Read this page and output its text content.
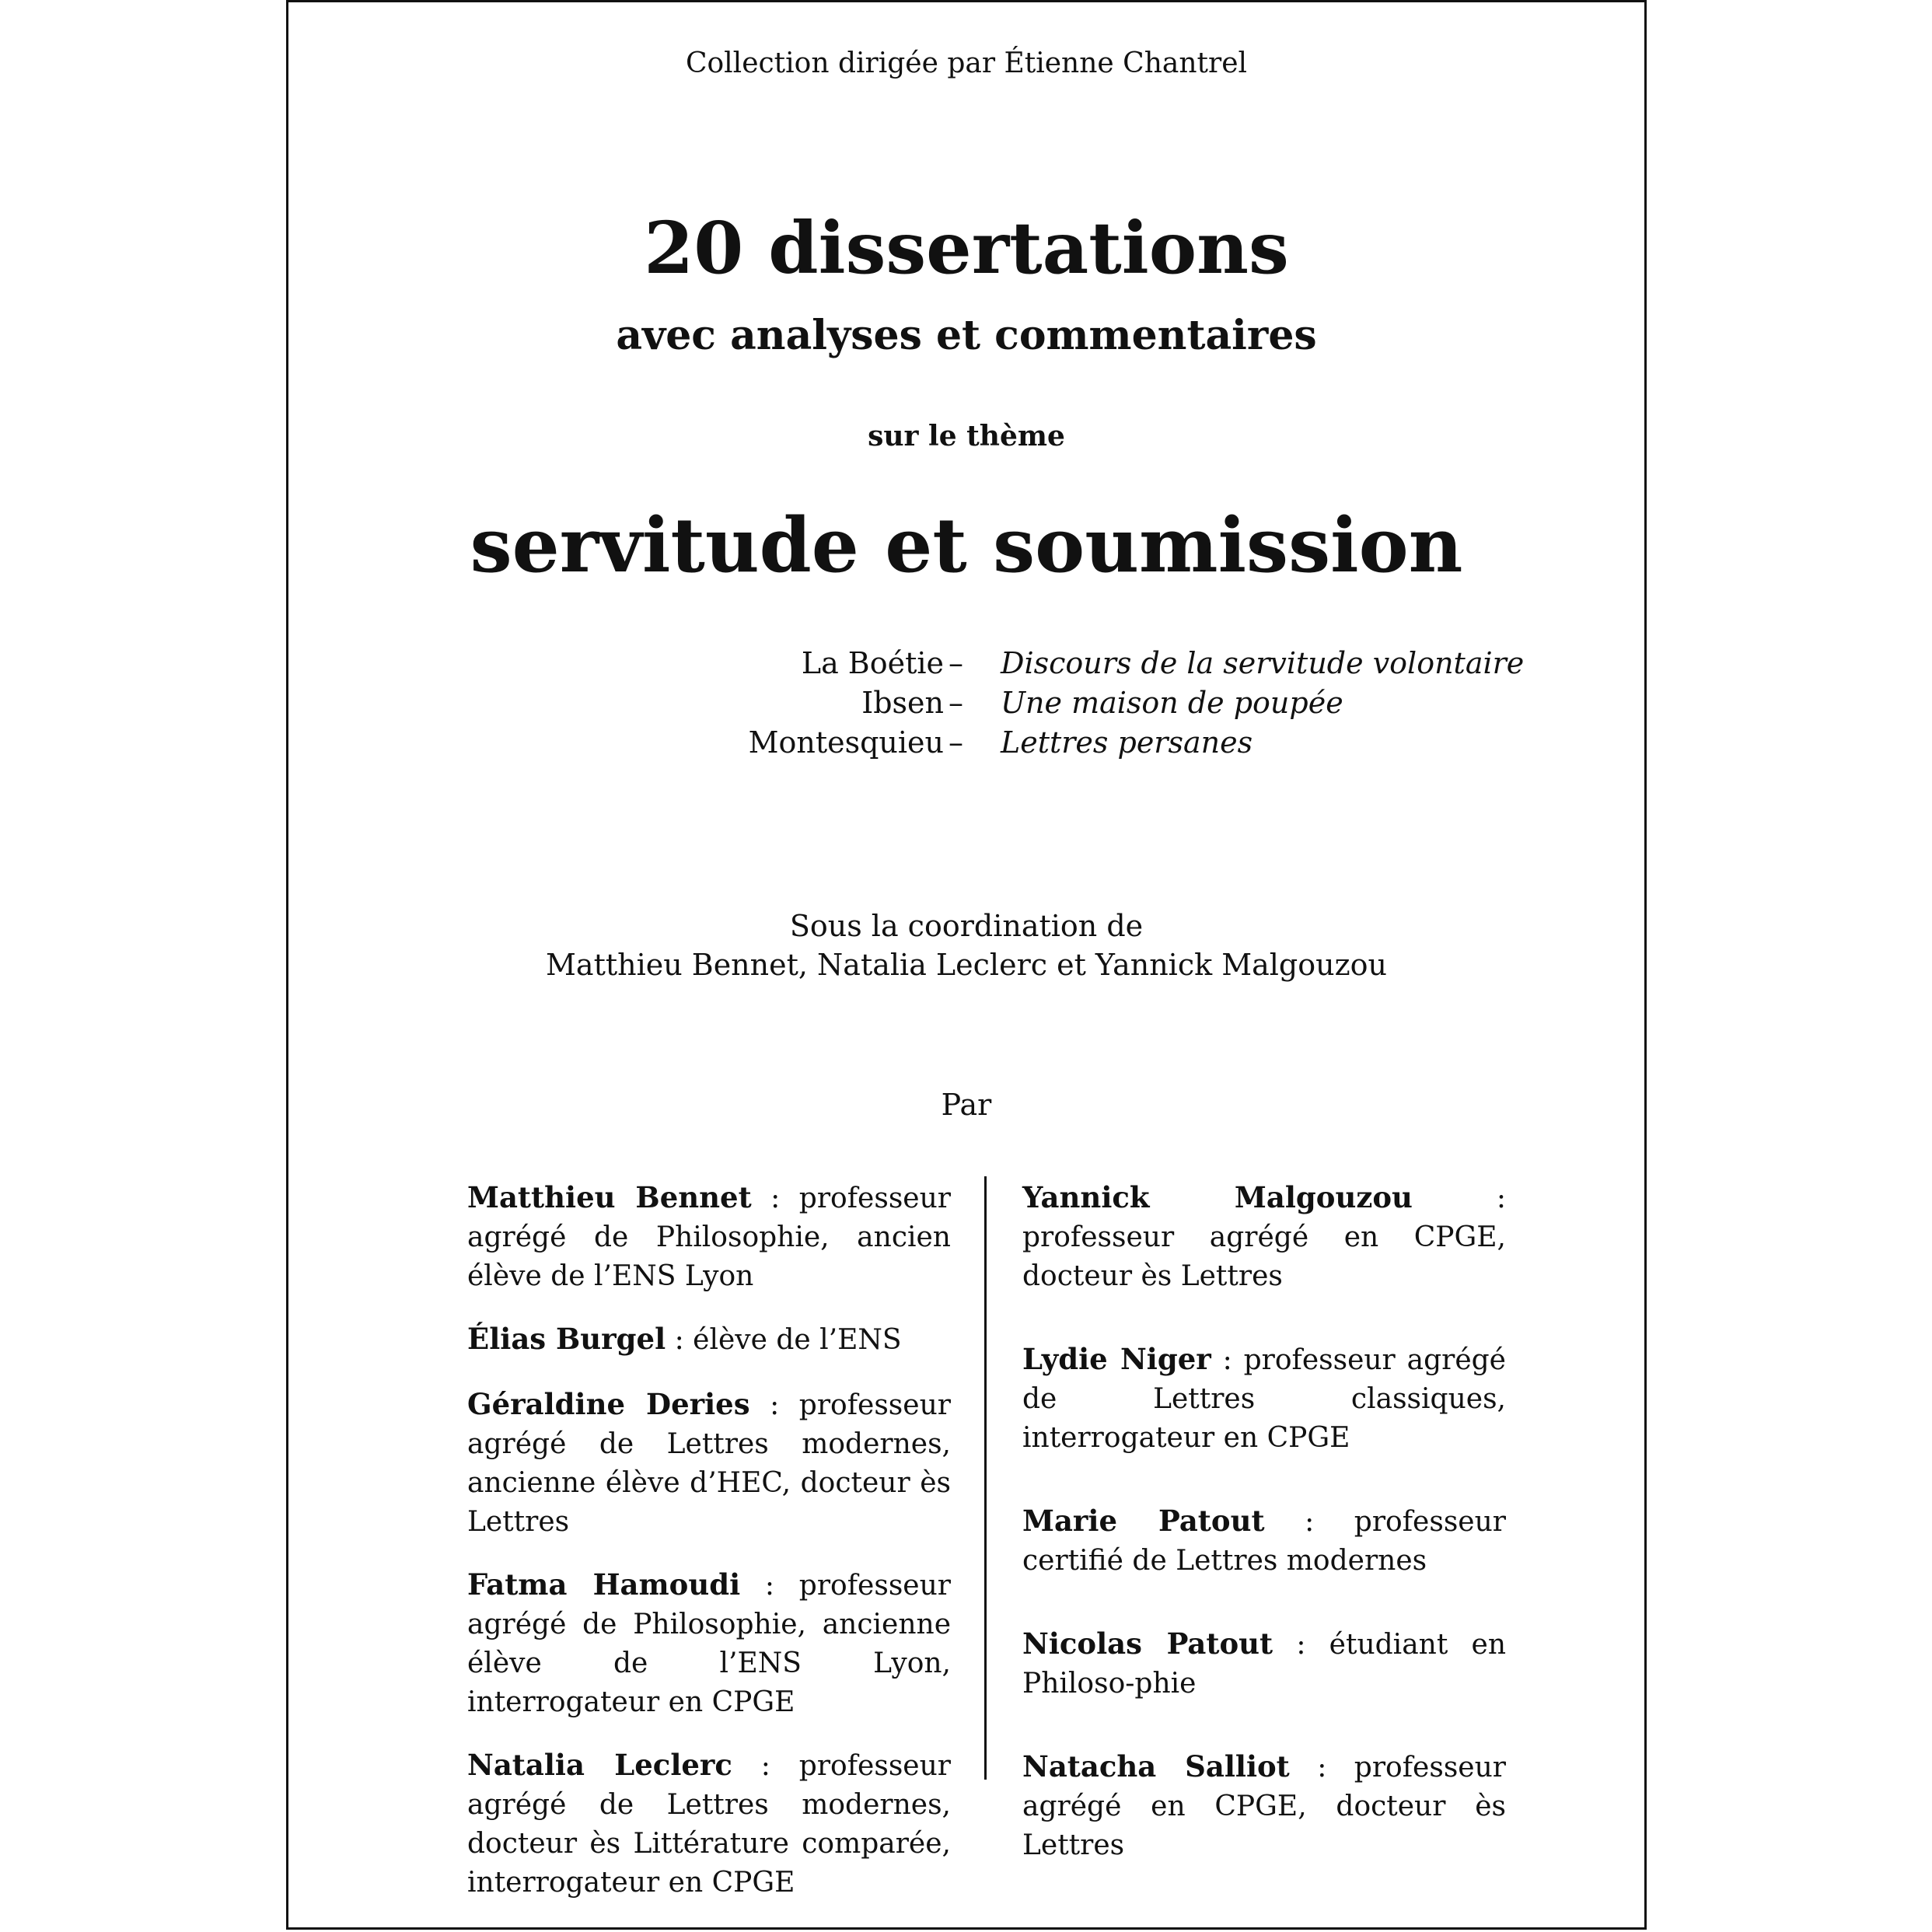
Collection dirigée par Étienne Chantrel
20 dissertations
avec analyses et commentaires
sur le thème
servitude et soumission
La Boétie – Discours de la servitude volontaire
Ibsen – Une maison de poupée
Montesquieu – Lettres persanes
Sous la coordination de
Matthieu Bennet, Natalia Leclerc et Yannick Malgouzou
Par

Matthieu Bennet : professeur agrégé de Philosophie, ancien élève de l’ENS Lyon

Élias Burgel : élève de l’ENS

Géraldine Deries : professeur agrégé de Lettres modernes, ancienne élève d’HEC, docteur ès Lettres

Fatma Hamoudi : professeur agrégé de Philosophie, ancienne élève de l’ENS Lyon, interrogateur en CPGE

Natalia Leclerc : professeur agrégé de Lettres modernes, docteur ès Littérature comparée, interrogateur en CPGE

Yannick Malgouzou : professeur agrégé en CPGE, docteur ès Lettres

Lydie Niger : professeur agrégé de Lettres classiques, interrogateur en CPGE

Marie Patout : professeur certifié de Lettres modernes

Nicolas Patout : étudiant en Philoso-phie

Natacha Salliot : professeur agrégé en CPGE, docteur ès Lettres
